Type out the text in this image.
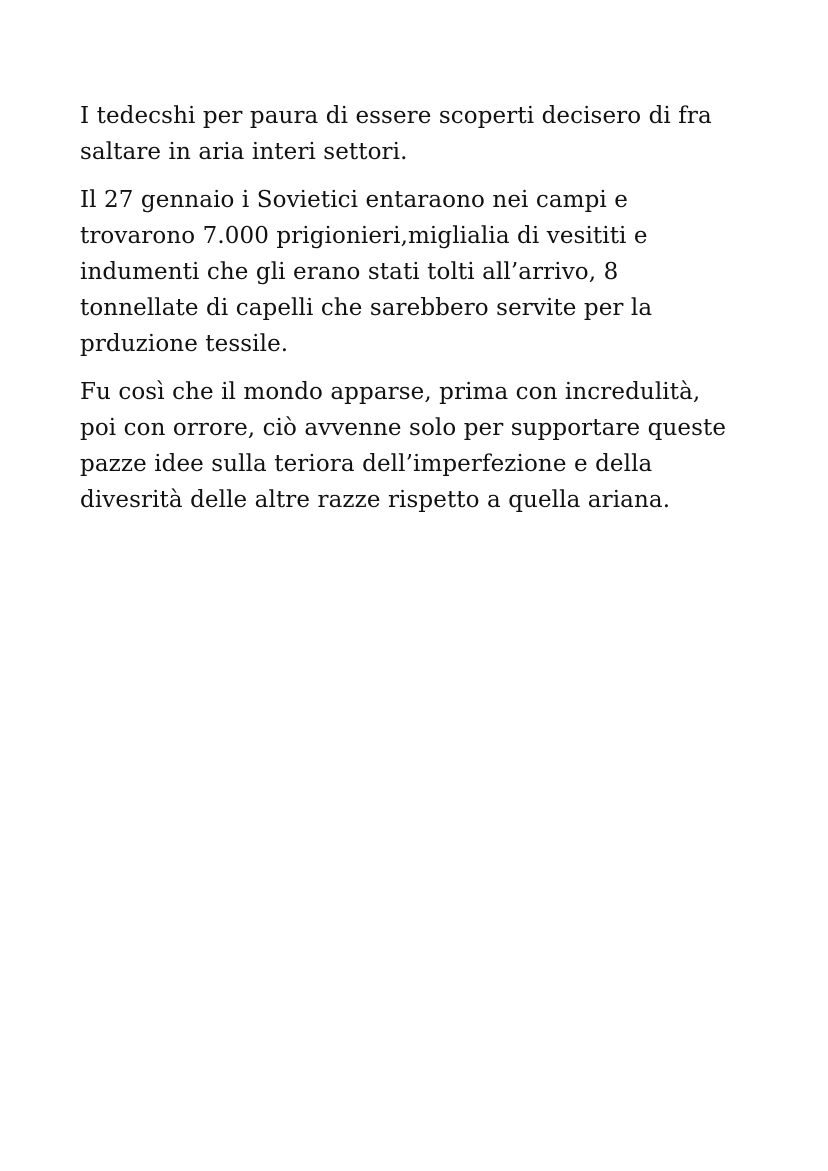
I tedecshi per paura di essere scoperti decisero di fra
saltare in aria interi settori.

Il 27 gennaio i Sovietici entaraono nei campi e
trovarono 7.000 prigionieri,miglialia di vesititi e
indumenti che gli erano stati tolti all’arrivo, 8
tonnellate di capelli che sarebbero servite per la
prduzione tessile.

Fu così che il mondo apparse, prima con incredulità,
poi con orrore, ciò avvenne solo per supportare queste
pazze idee sulla teriora dell’imperfezione e della
divesrità delle altre razze rispetto a quella ariana.
